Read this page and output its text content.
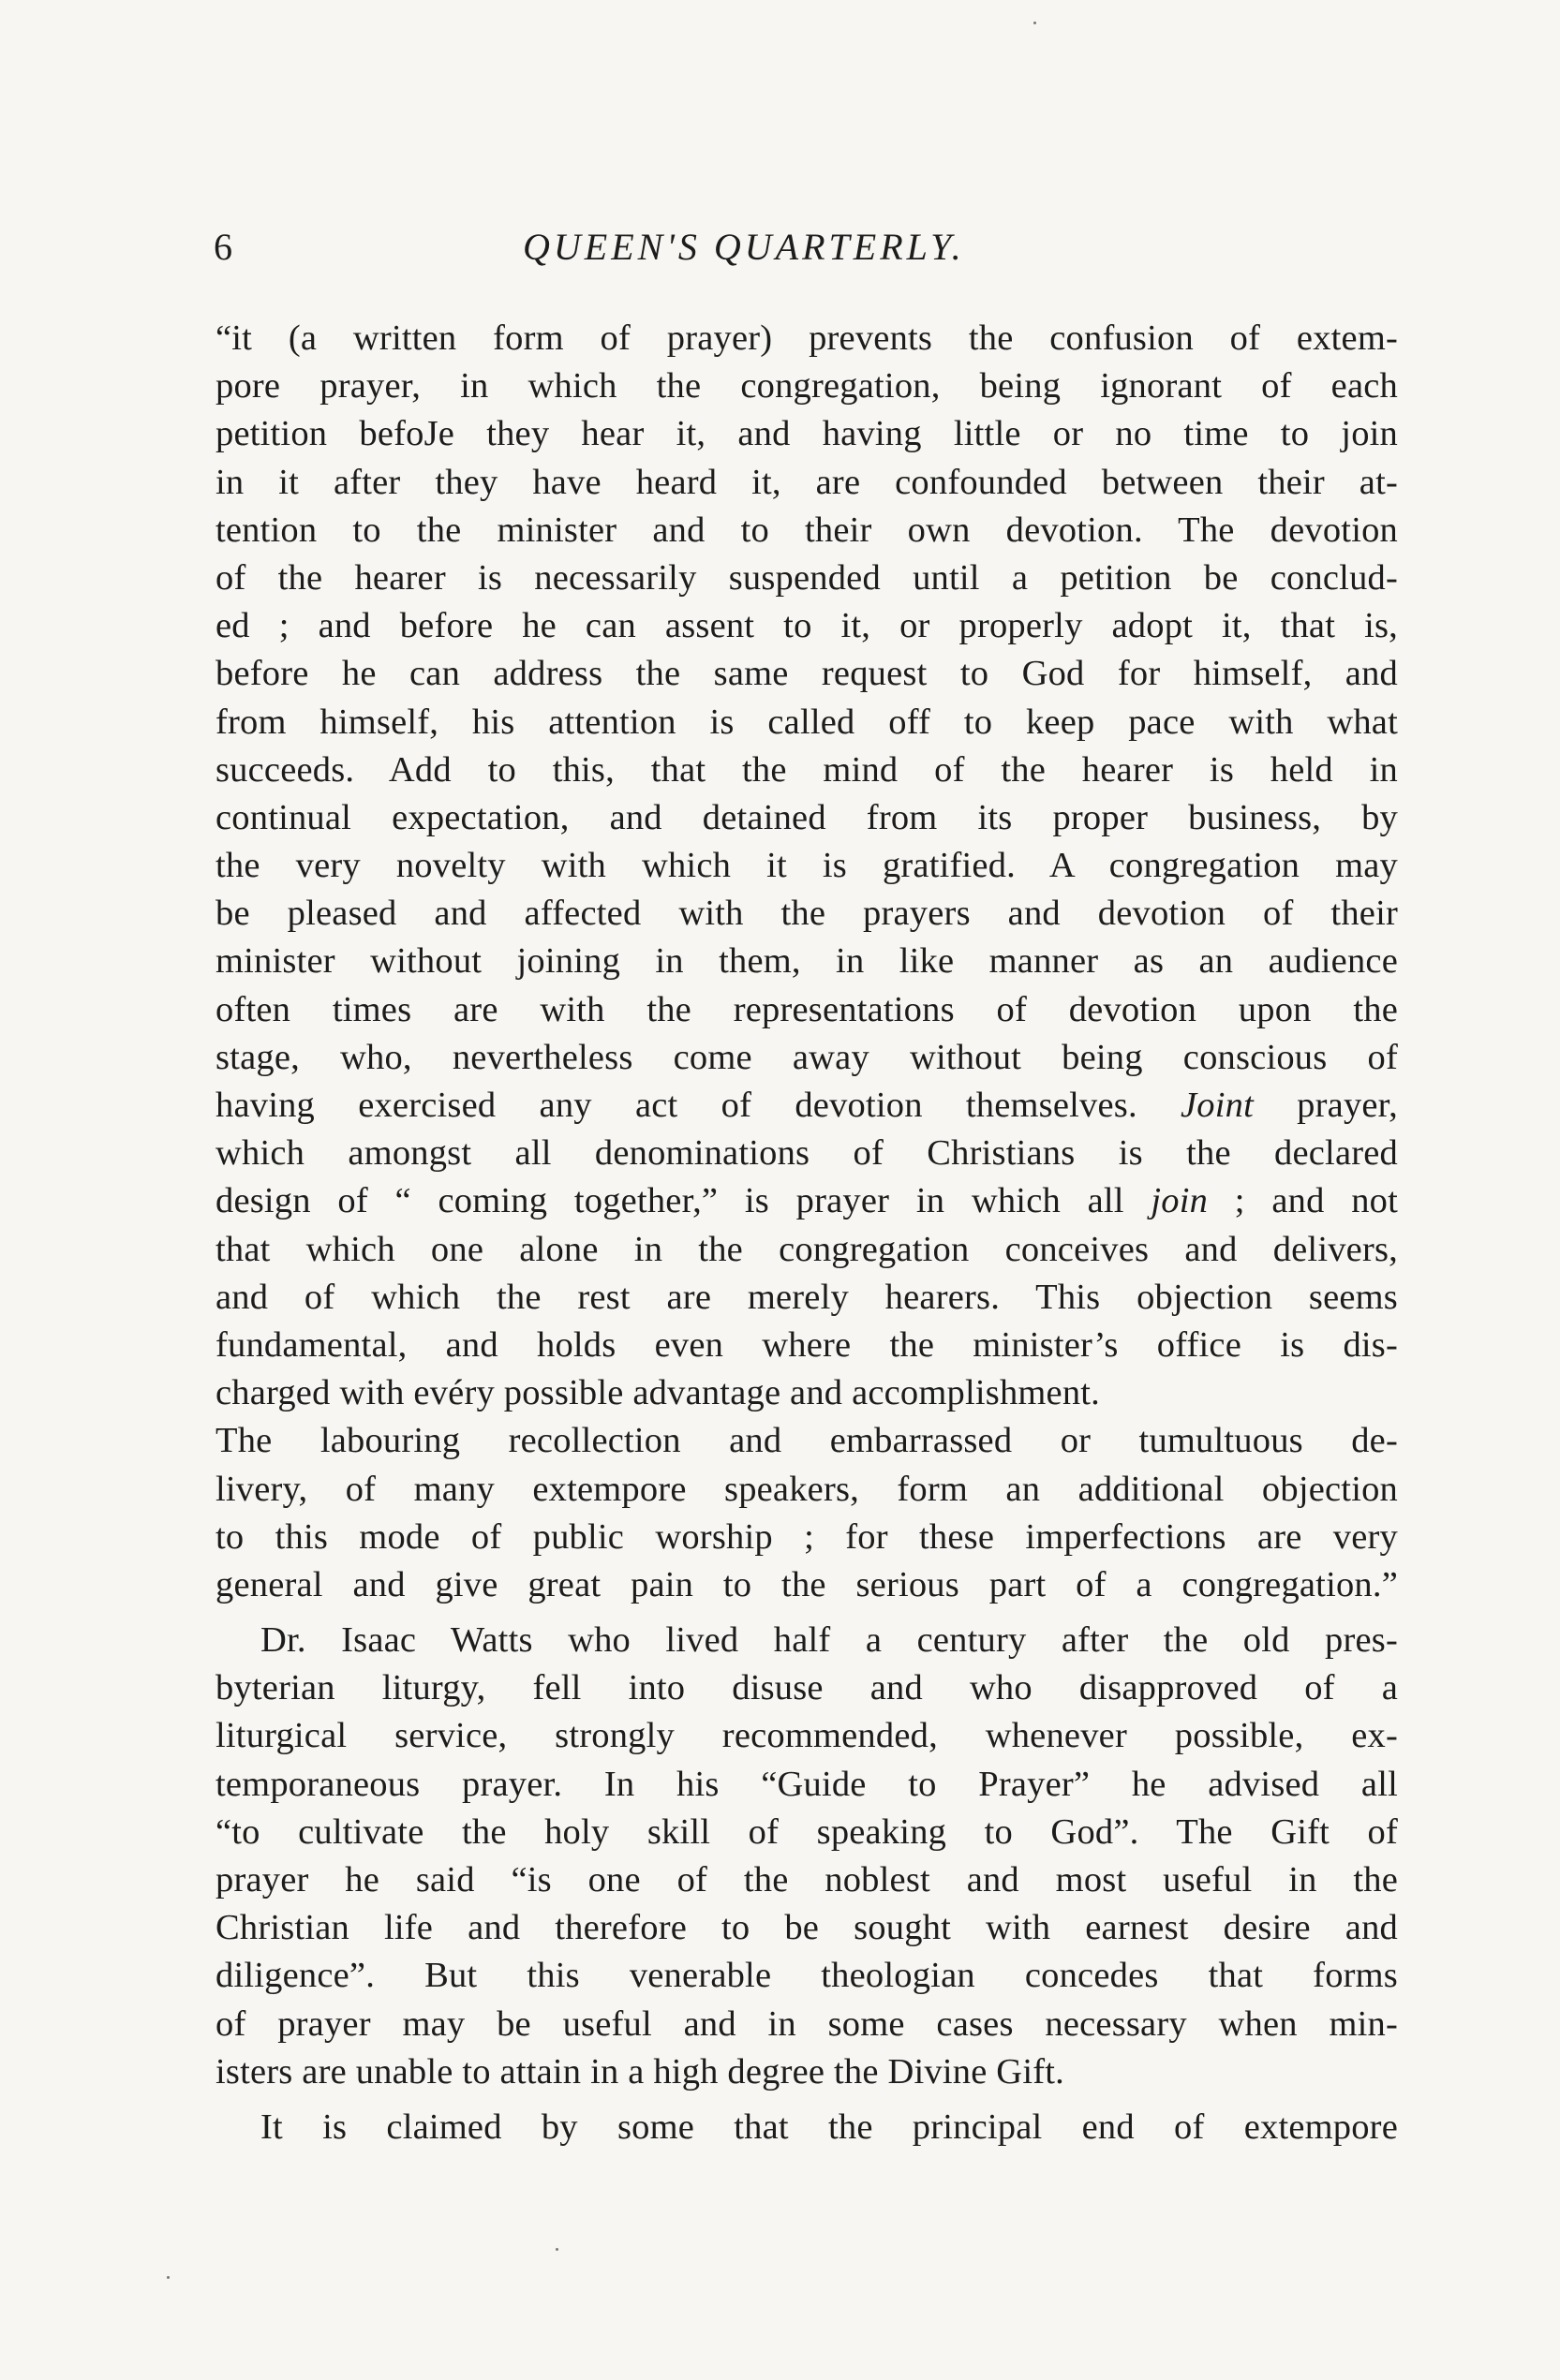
6	QUEEN'S QUARTERLY.
“it (a written form of prayer) prevents the confusion of extem-
pore prayer, in which the congregation, being ignorant of each
petition befoJe they hear it, and having little or no time to join
in it after they have heard it, are confounded between their at-
tention to the minister and to their own devotion. The devotion
of the hearer is necessarily suspended until a petition be conclud-
ed ; and before he can assent to it, or properly adopt it, that is,
before he can address the same request to God for himself, and
from himself, his attention is called off to keep pace with what
succeeds. Add to this, that the mind of the hearer is held in
continual expectation, and detained from its proper business, by
the very novelty with which it is gratified. A congregation may
be pleased and affected with the prayers and devotion of their
minister without joining in them, in like manner as an audience
often times are with the representations of devotion upon the
stage, who, nevertheless come away without being conscious of
having exercised any act of devotion themselves. Joint prayer,
which amongst all denominations of Christians is the declared
design of “ coming together,” is prayer in which all join ; and not
that which one alone in the congregation conceives and delivers,
and of which the rest are merely hearers. This objection seems
fundamental, and holds even where the minister’s office is dis-
charged with evéry possible advantage and accomplishment.
The labouring recollection and embarrassed or tumultuous de-
livery, of many extempore speakers, form an additional objection
to this mode of public worship ; for these imperfections are very
general and give great pain to the serious part of a congregation.”
Dr. Isaac Watts who lived half a century after the old pres-
byterian liturgy, fell into disuse and who disapproved of a
liturgical service, strongly recommended, whenever possible, ex-
temporaneous prayer. In his “Guide to Prayer” he advised all
“to cultivate the holy skill of speaking to God”. The Gift of
prayer he said “is one of the noblest and most useful in the
Christian life and therefore to be sought with earnest desire and
diligence”. But this venerable theologian concedes that forms
of prayer may be useful and in some cases necessary when min-
isters are unable to attain in a high degree the Divine Gift.
It is claimed by some that the principal end of extempore
